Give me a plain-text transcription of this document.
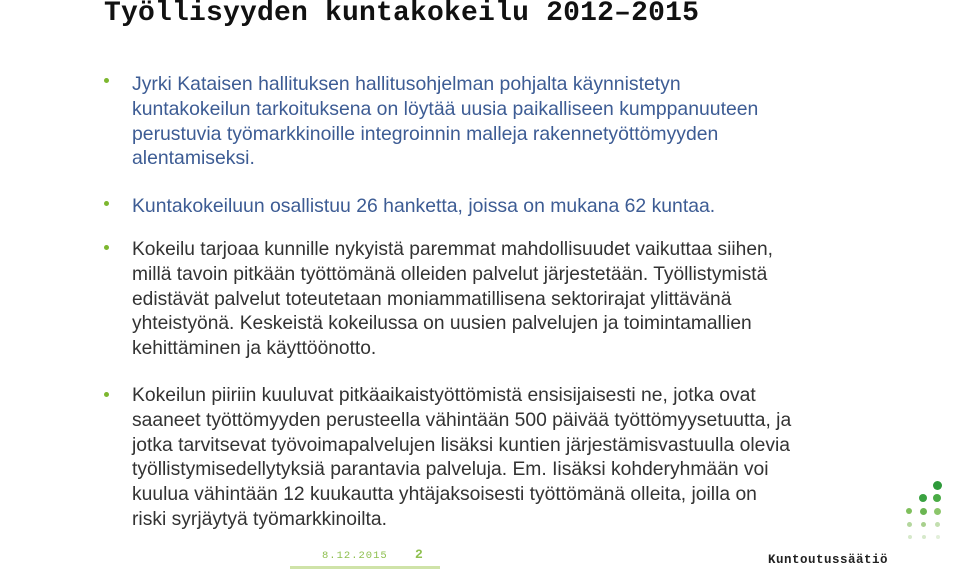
Työllisyyden kuntakokeilu 2012–2015
Jyrki Kataisen hallituksen hallitusohjelman pohjalta käynnistetyn
kuntakokeilun tarkoituksena on löytää uusia paikalliseen kumppanuuteen
perustuvia työmarkkinoille integroinnin malleja rakennetyöttömyyden
alentamiseksi.
Kuntakokeiluun osallistuu 26 hanketta, joissa on mukana 62 kuntaa.
Kokeilu tarjoaa kunnille nykyistä paremmat mahdollisuudet vaikuttaa siihen,
millä tavoin pitkään työttömänä olleiden palvelut järjestetään. Työllistymistä
edistävät palvelut toteutetaan moniammatillisena sektorirajat ylittävänä
yhteistyönä. Keskeistä kokeilussa on uusien palvelujen ja toimintamallien
kehittäminen ja käyttöönotto.
Kokeilun piiriin kuuluvat pitkäaikaistyöttömistä ensisijaisesti ne, jotka ovat
saaneet työttömyyden perusteella vähintään 500 päivää työttömyysetuutta, ja
jotka tarvitsevat työvoimapalvelujen lisäksi kuntien järjestämisvastuulla olevia
työllistymisedellytyksiä parantavia palveluja. Em. Iisäksi kohderyhmään voi
kuulua vähintään 12 kuukautta yhtäjaksoisesti työttömänä olleita, joilla on
riski syrjäytyä työmarkkinoilta.
8.12.2015 2	Kuntoutussäätiö
